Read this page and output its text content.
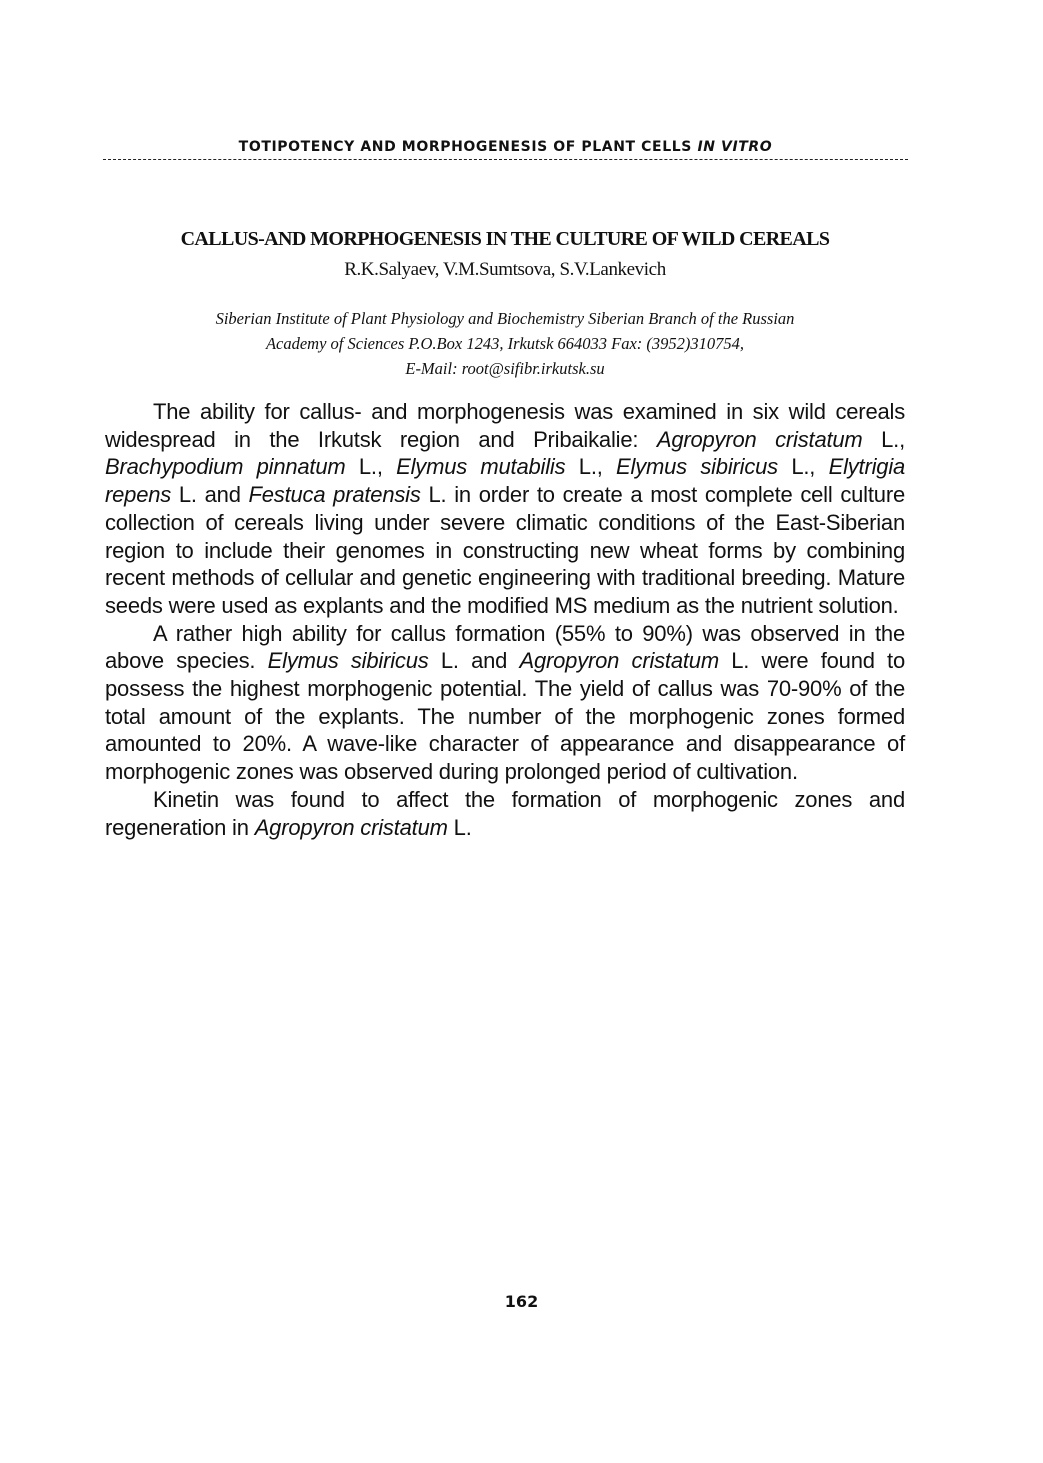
TOTIPOTENCY AND MORPHOGENESIS OF PLANT CELLS IN VITRO
CALLUS-AND MORPHOGENESIS IN THE CULTURE OF WILD CEREALS
R.K.Salyaev, V.M.Sumtsova, S.V.Lankevich
Siberian Institute of Plant Physiology and Biochemistry Siberian Branch of the Russian
Academy of Sciences P.O.Box 1243, Irkutsk 664033 Fax: (3952)310754,
E-Mail: root@sifibr.irkutsk.su

The ability for callus- and morphogenesis was examined in six wild cereals widespread in the Irkutsk region and Pribaikalie: Agropyron cristatum L., Brachypodium pinnatum L., Elymus mutabilis L., Elymus sibiricus L., Elytrigia repens L. and Festuca pratensis L. in order to create a most complete cell culture collection of cereals living under severe climatic conditions of the East-Siberian region to include their genomes in constructing new wheat forms by combining recent methods of cellular and genetic engineering with traditional breeding. Mature seeds were used as explants and the modified MS medium as the nutrient solution.

A rather high ability for callus formation (55% to 90%) was observed in the above species. Elymus sibiricus L. and Agropyron cristatum L. were found to possess the highest morphogenic potential. The yield of callus was 70-90% of the total amount of the explants. The number of the morphogenic zones formed amounted to 20%. A wave-like character of appearance and disappearance of morphogenic zones was observed during prolonged period of cultivation.

Kinetin was found to affect the formation of morphogenic zones and regeneration in Agropyron cristatum L.

162
